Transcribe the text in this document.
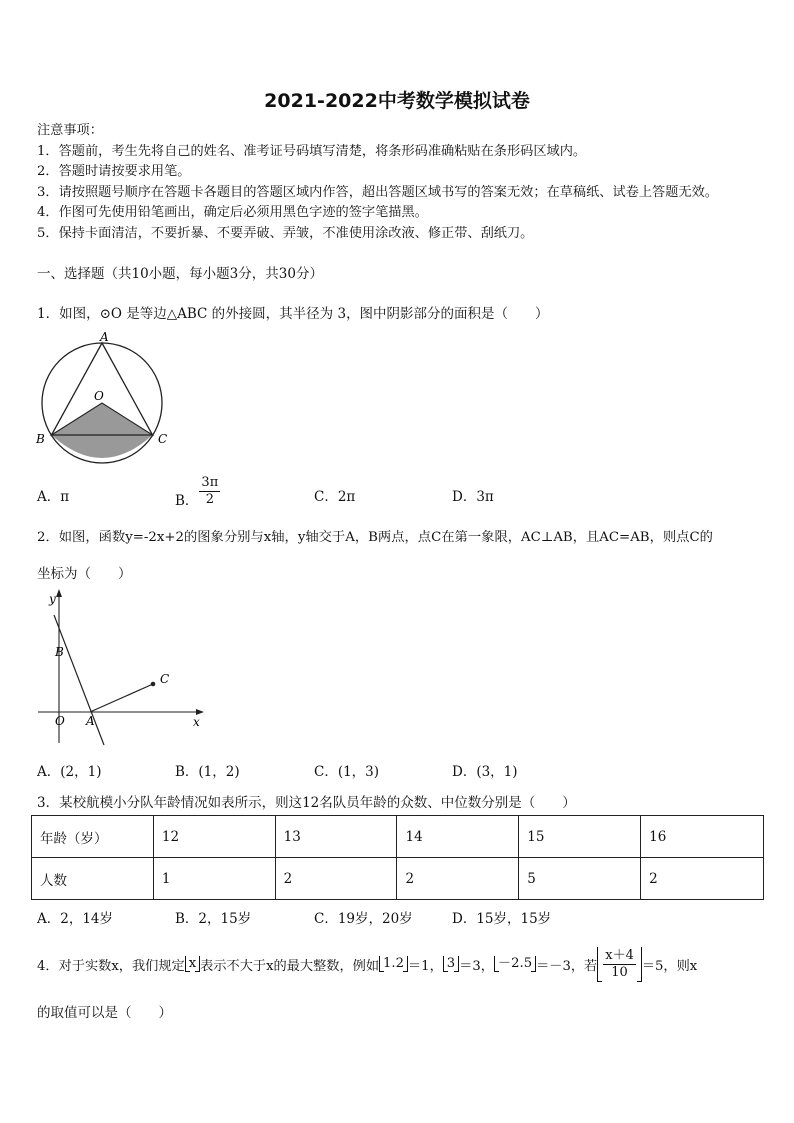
2021-2022中考数学模拟试卷
注意事项：
1．答题前，考生先将自己的姓名、准考证号码填写清楚，将条形码准确粘贴在条形码区域内。
2．答题时请按要求用笔。
3．请按照题号顺序在答题卡各题目的答题区域内作答，超出答题区域书写的答案无效；在草稿纸、试卷上答题无效。
4．作图可先使用铅笔画出，确定后必须用黑色字迹的签字笔描黑。
5．保持卡面清洁，不要折暴、不要弄破、弄皱，不准使用涂改液、修正带、刮纸刀。
一、选择题（共10小题，每小题3分，共30分）
1．如图，⊙O 是等边△ABC 的外接圆，其半径为 3，图中阴影部分的面积是（　　）
A
O
B	C
A．π	B． $\frac{3\pi}{2}$	C．2π	D．3π
2．如图，函数y=-2x+2的图象分别与x轴，y轴交于A，B两点，点C在第一象限，AC⊥AB，且AC=AB，则点C的
坐标为（　　）
y
x
B
C
O A
A．(2，1)	B．(1，2)	C．(1，3)	D．(3，1)
3．某校航模小分队年龄情况如表所示，则这12名队员年龄的众数、中位数分别是（　　）
年龄（岁）	12	13	14	15	16
人数	1	2	2	5	2
A．2，14岁	B．2，15岁	C．19岁，20岁	D．15岁，15岁
4．对于实数x，我们规定 x 表示不大于x的最大整数，例如 1.2 ＝1， 3 ＝3， －2.5 ＝－3，若 $\frac{x+4}{10} =5$，则x
的取值可以是（　　）
